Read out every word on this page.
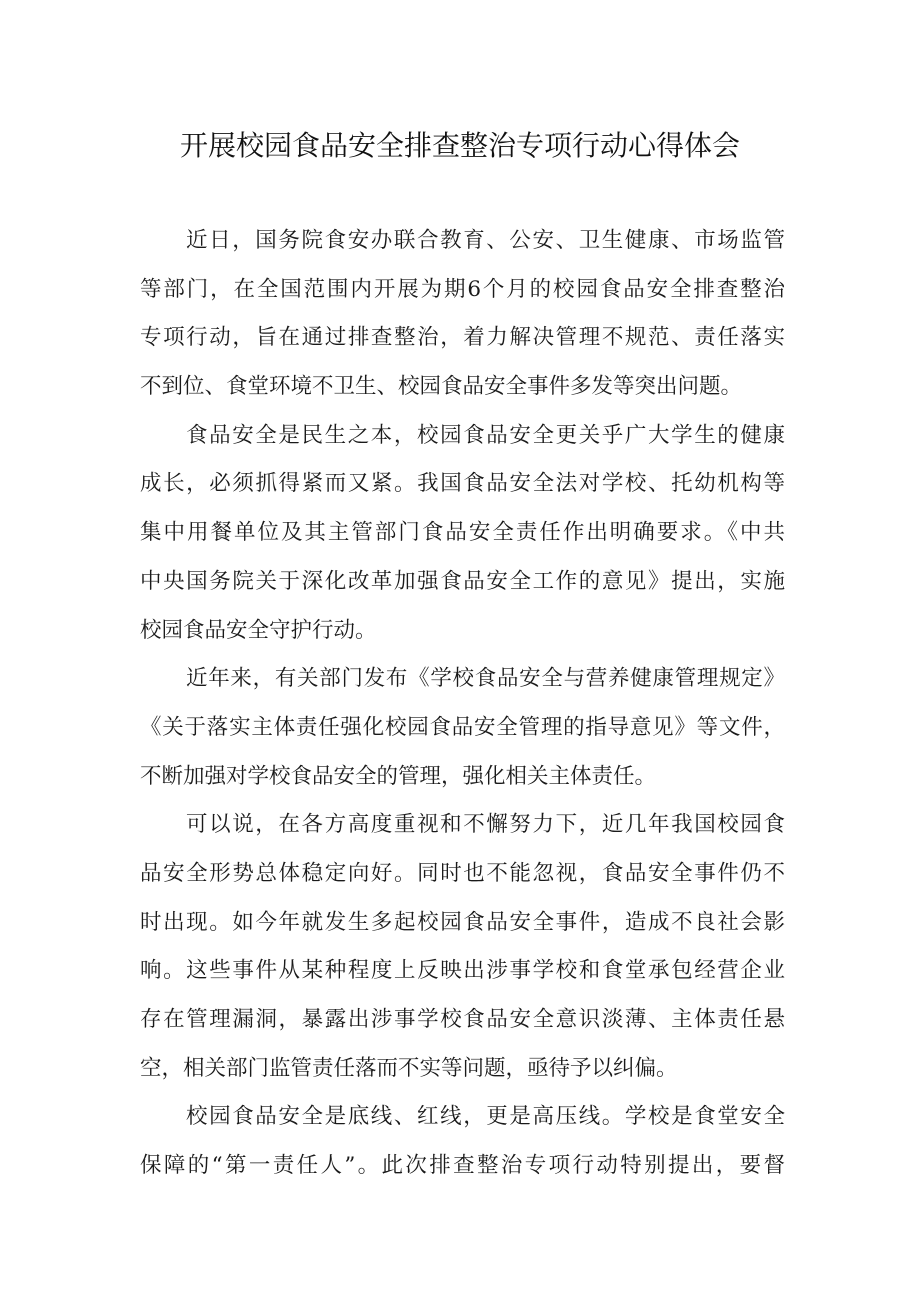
开展校园食品安全排查整治专项行动心得体会
近日，国务院食安办联合教育、公安、卫生健康、市场监管
等部门，在全国范围内开展为期6个月的校园食品安全排查整治
专项行动，旨在通过排查整治，着力解决管理不规范、责任落实
不到位、食堂环境不卫生、校园食品安全事件多发等突出问题。
食品安全是民生之本，校园食品安全更关乎广大学生的健康
成长，必须抓得紧而又紧。我国食品安全法对学校、托幼机构等
集中用餐单位及其主管部门食品安全责任作出明确要求。《中共
中央国务院关于深化改革加强食品安全工作的意见》提出，实施
校园食品安全守护行动。
近年来，有关部门发布《学校食品安全与营养健康管理规定》
《关于落实主体责任强化校园食品安全管理的指导意见》等文件，
不断加强对学校食品安全的管理，强化相关主体责任。
可以说，在各方高度重视和不懈努力下，近几年我国校园食
品安全形势总体稳定向好。同时也不能忽视，食品安全事件仍不
时出现。如今年就发生多起校园食品安全事件，造成不良社会影
响。这些事件从某种程度上反映出涉事学校和食堂承包经营企业
存在管理漏洞，暴露出涉事学校食品安全意识淡薄、主体责任悬
空，相关部门监管责任落而不实等问题，亟待予以纠偏。
校园食品安全是底线、红线，更是高压线。学校是食堂安全
保障的“第一责任人”。此次排查整治专项行动特别提出，要督
